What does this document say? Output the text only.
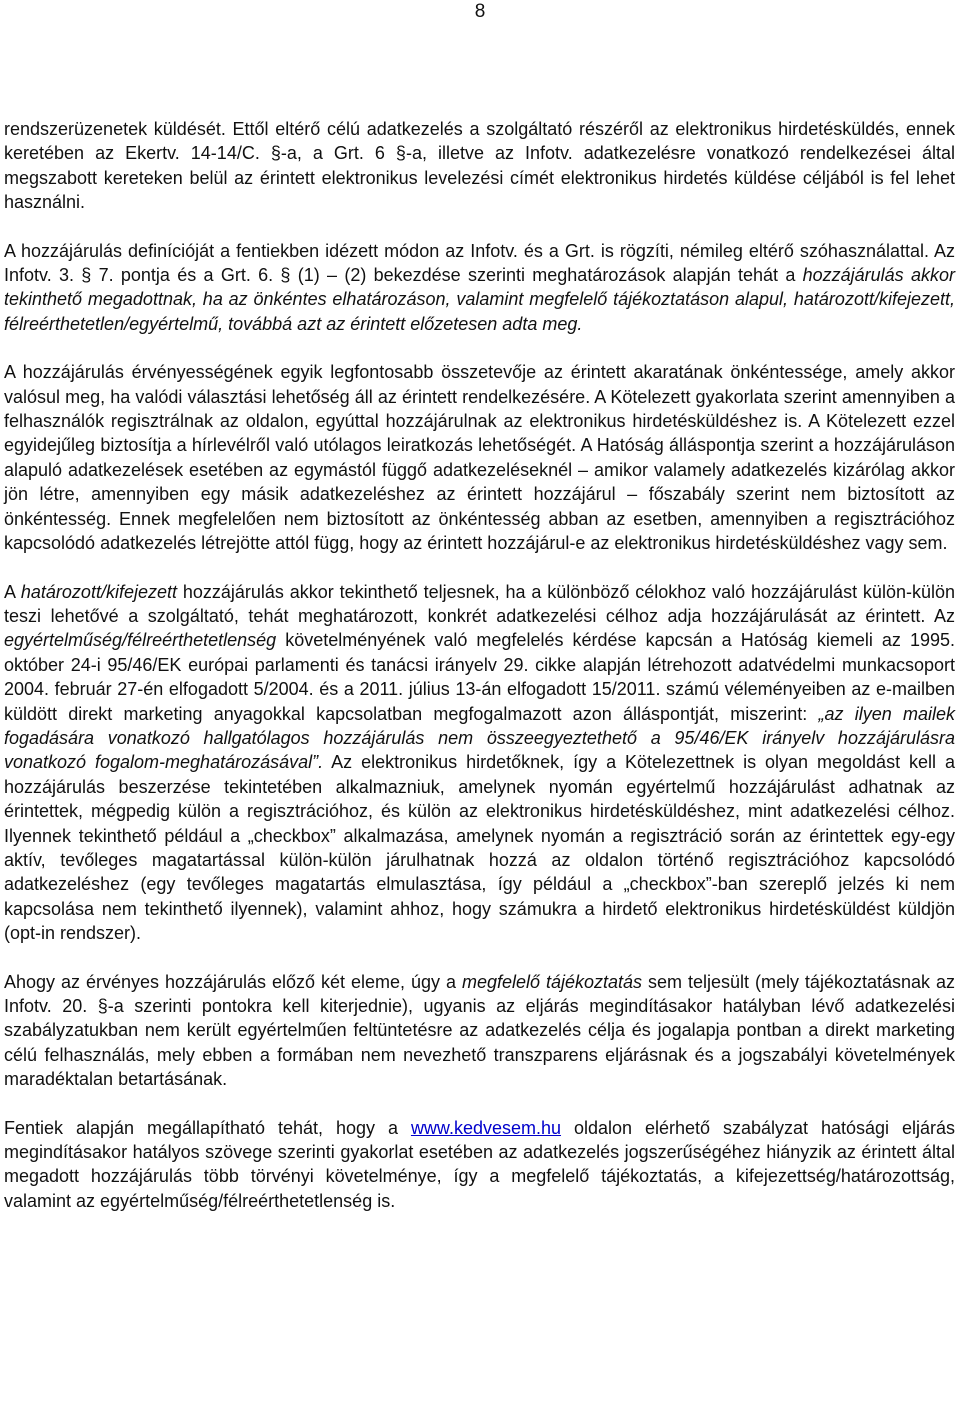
8

rendszerüzenetek küldését. Ettől eltérő célú adatkezelés a szolgáltató részéről az elektronikus hirdetésküldés, ennek keretében az Ekertv. 14-14/C. §-a, a Grt. 6 §-a, illetve az Infotv. adatkezelésre vonatkozó rendelkezései által megszabott kereteken belül az érintett elektronikus levelezési címét elektronikus hirdetés küldése céljából is fel lehet használni.

A hozzájárulás definícióját a fentiekben idézett módon az Infotv. és a Grt. is rögzíti, némileg eltérő szóhasználattal. Az Infotv. 3. § 7. pontja és a Grt. 6. § (1) – (2) bekezdése szerinti meghatározások alapján tehát a hozzájárulás akkor tekinthető megadottnak, ha az önkéntes elhatározáson, valamint megfelelő tájékoztatáson alapul, határozott/kifejezett, félreérthetetlen/egyértelmű, továbbá azt az érintett előzetesen adta meg.

A hozzájárulás érvényességének egyik legfontosabb összetevője az érintett akaratának önkéntessége, amely akkor valósul meg, ha valódi választási lehetőség áll az érintett rendelkezésére. A Kötelezett gyakorlata szerint amennyiben a felhasználók regisztrálnak az oldalon, egyúttal hozzájárulnak az elektronikus hirdetésküldéshez is. A Kötelezett ezzel egyidejűleg biztosítja a hírlevélről való utólagos leiratkozás lehetőségét. A Hatóság álláspontja szerint a hozzájáruláson alapuló adatkezelések esetében az egymástól függő adatkezeléseknél – amikor valamely adatkezelés kizárólag akkor jön létre, amennyiben egy másik adatkezeléshez az érintett hozzájárul – főszabály szerint nem biztosított az önkéntesség. Ennek megfelelően nem biztosított az önkéntesség abban az esetben, amennyiben a regisztrációhoz kapcsolódó adatkezelés létrejötte attól függ, hogy az érintett hozzájárul-e az elektronikus hirdetésküldéshez vagy sem.

A határozott/kifejezett hozzájárulás akkor tekinthető teljesnek, ha a különböző célokhoz való hozzájárulást külön-külön teszi lehetővé a szolgáltató, tehát meghatározott, konkrét adatkezelési célhoz adja hozzájárulását az érintett. Az egyértelműség/félreérthetetlenség követelményének való megfelelés kérdése kapcsán a Hatóság kiemeli az 1995. október 24-i 95/46/EK európai parlamenti és tanácsi irányelv 29. cikke alapján létrehozott adatvédelmi munkacsoport 2004. február 27-én elfogadott 5/2004. és a 2011. július 13-án elfogadott 15/2011. számú véleményeiben az e-mailben küldött direkt marketing anyagokkal kapcsolatban megfogalmazott azon álláspontját, miszerint: „az ilyen mailek fogadására vonatkozó hallgatólagos hozzájárulás nem összeegyeztethető a 95/46/EK irányelv hozzájárulásra vonatkozó fogalom-meghatározásával”. Az elektronikus hirdetőknek, így a Kötelezettnek is olyan megoldást kell a hozzájárulás beszerzése tekintetében alkalmazniuk, amelynek nyomán egyértelmű hozzájárulást adhatnak az érintettek, mégpedig külön a regisztrációhoz, és külön az elektronikus hirdetésküldéshez, mint adatkezelési célhoz. Ilyennek tekinthető például a „checkbox” alkalmazása, amelynek nyomán a regisztráció során az érintettek egy-egy aktív, tevőleges magatartással külön-külön járulhatnak hozzá az oldalon történő regisztrációhoz kapcsolódó adatkezeléshez (egy tevőleges magatartás elmulasztása, így például a „checkbox”-ban szereplő jelzés ki nem kapcsolása nem tekinthető ilyennek), valamint ahhoz, hogy számukra a hirdető elektronikus hirdetésküldést küldjön (opt-in rendszer).

Ahogy az érvényes hozzájárulás előző két eleme, úgy a megfelelő tájékoztatás sem teljesült (mely tájékoztatásnak az Infotv. 20. §-a szerinti pontokra kell kiterjednie), ugyanis az eljárás megindításakor hatályban lévő adatkezelési szabályzatukban nem került egyértelműen feltüntetésre az adatkezelés célja és jogalapja pontban a direkt marketing célú felhasználás, mely ebben a formában nem nevezhető transzparens eljárásnak és a jogszabályi követelmények maradéktalan betartásának.

Fentiek alapján megállapítható tehát, hogy a www.kedvesem.hu oldalon elérhető szabályzat hatósági eljárás megindításakor hatályos szövege szerinti gyakorlat esetében az adatkezelés jogszerűségéhez hiányzik az érintett által megadott hozzájárulás több törvényi követelménye, így a megfelelő tájékoztatás, a kifejezettség/határozottság, valamint az egyértelműség/félreérthetetlenség is.
